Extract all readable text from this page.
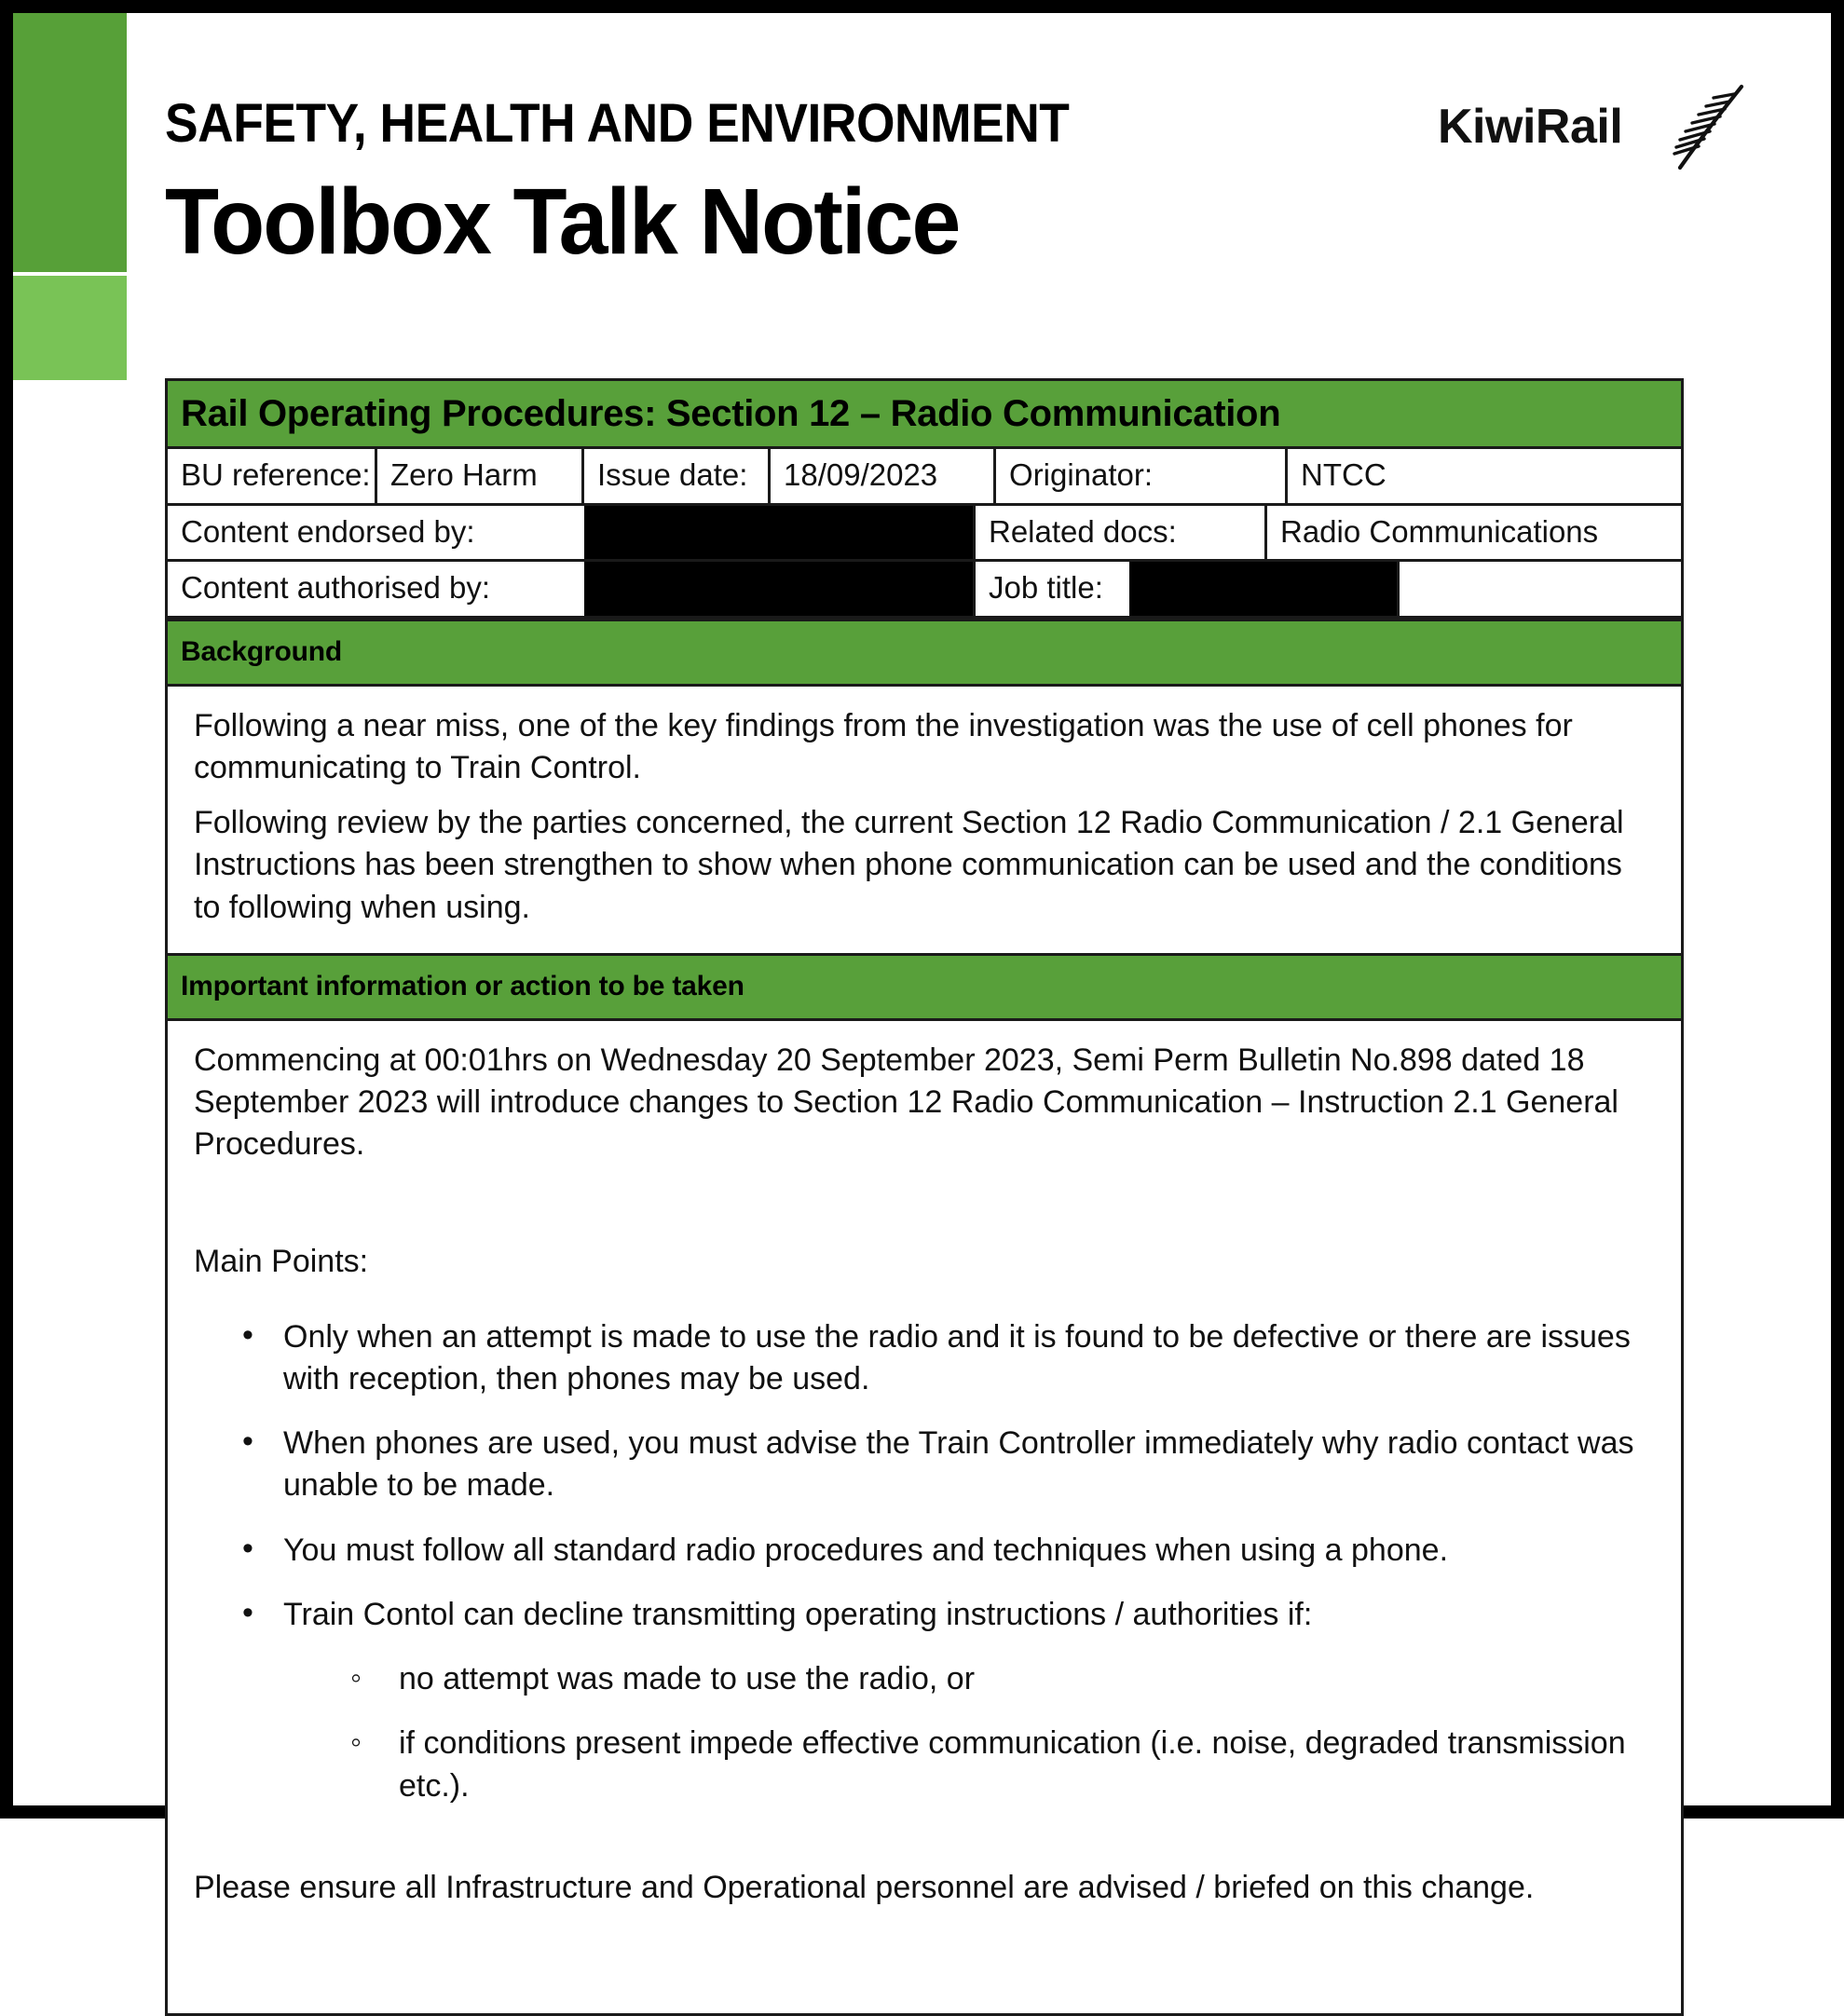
SAFETY, HEALTH AND ENVIRONMENT
Toolbox Talk Notice
KiwiRail
Rail Operating Procedures: Section 12 – Radio Communication
BU reference: Zero Harm	Issue date:	18/09/2023	Originator:	NTCC
Content endorsed by:	Related docs:	Radio Communications
Content authorised by:	Job title:
Background

Following a near miss, one of the key findings from the investigation was the use of cell phones for communicating to Train Control.

Following review by the parties concerned, the current Section 12 Radio Communication / 2.1 General Instructions has been strengthen to show when phone communication can be used and the conditions to following when using.

Important information or action to be taken

Commencing at 00:01hrs on Wednesday 20 September 2023, Semi Perm Bulletin No.898 dated 18 September 2023 will introduce changes to Section 12 Radio Communication – Instruction 2.1 General Procedures.

Main Points:

• Only when an attempt is made to use the radio and it is found to be defective or there are issues with reception, then phones may be used.
• When phones are used, you must advise the Train Controller immediately why radio contact was unable to be made.
• You must follow all standard radio procedures and techniques when using a phone.
• Train Contol can decline transmitting operating instructions / authorities if:
◦ no attempt was made to use the radio, or
◦ if conditions present impede effective communication (i.e. noise, degraded transmission etc.).

Please ensure all Infrastructure and Operational personnel are advised / briefed on this change.
